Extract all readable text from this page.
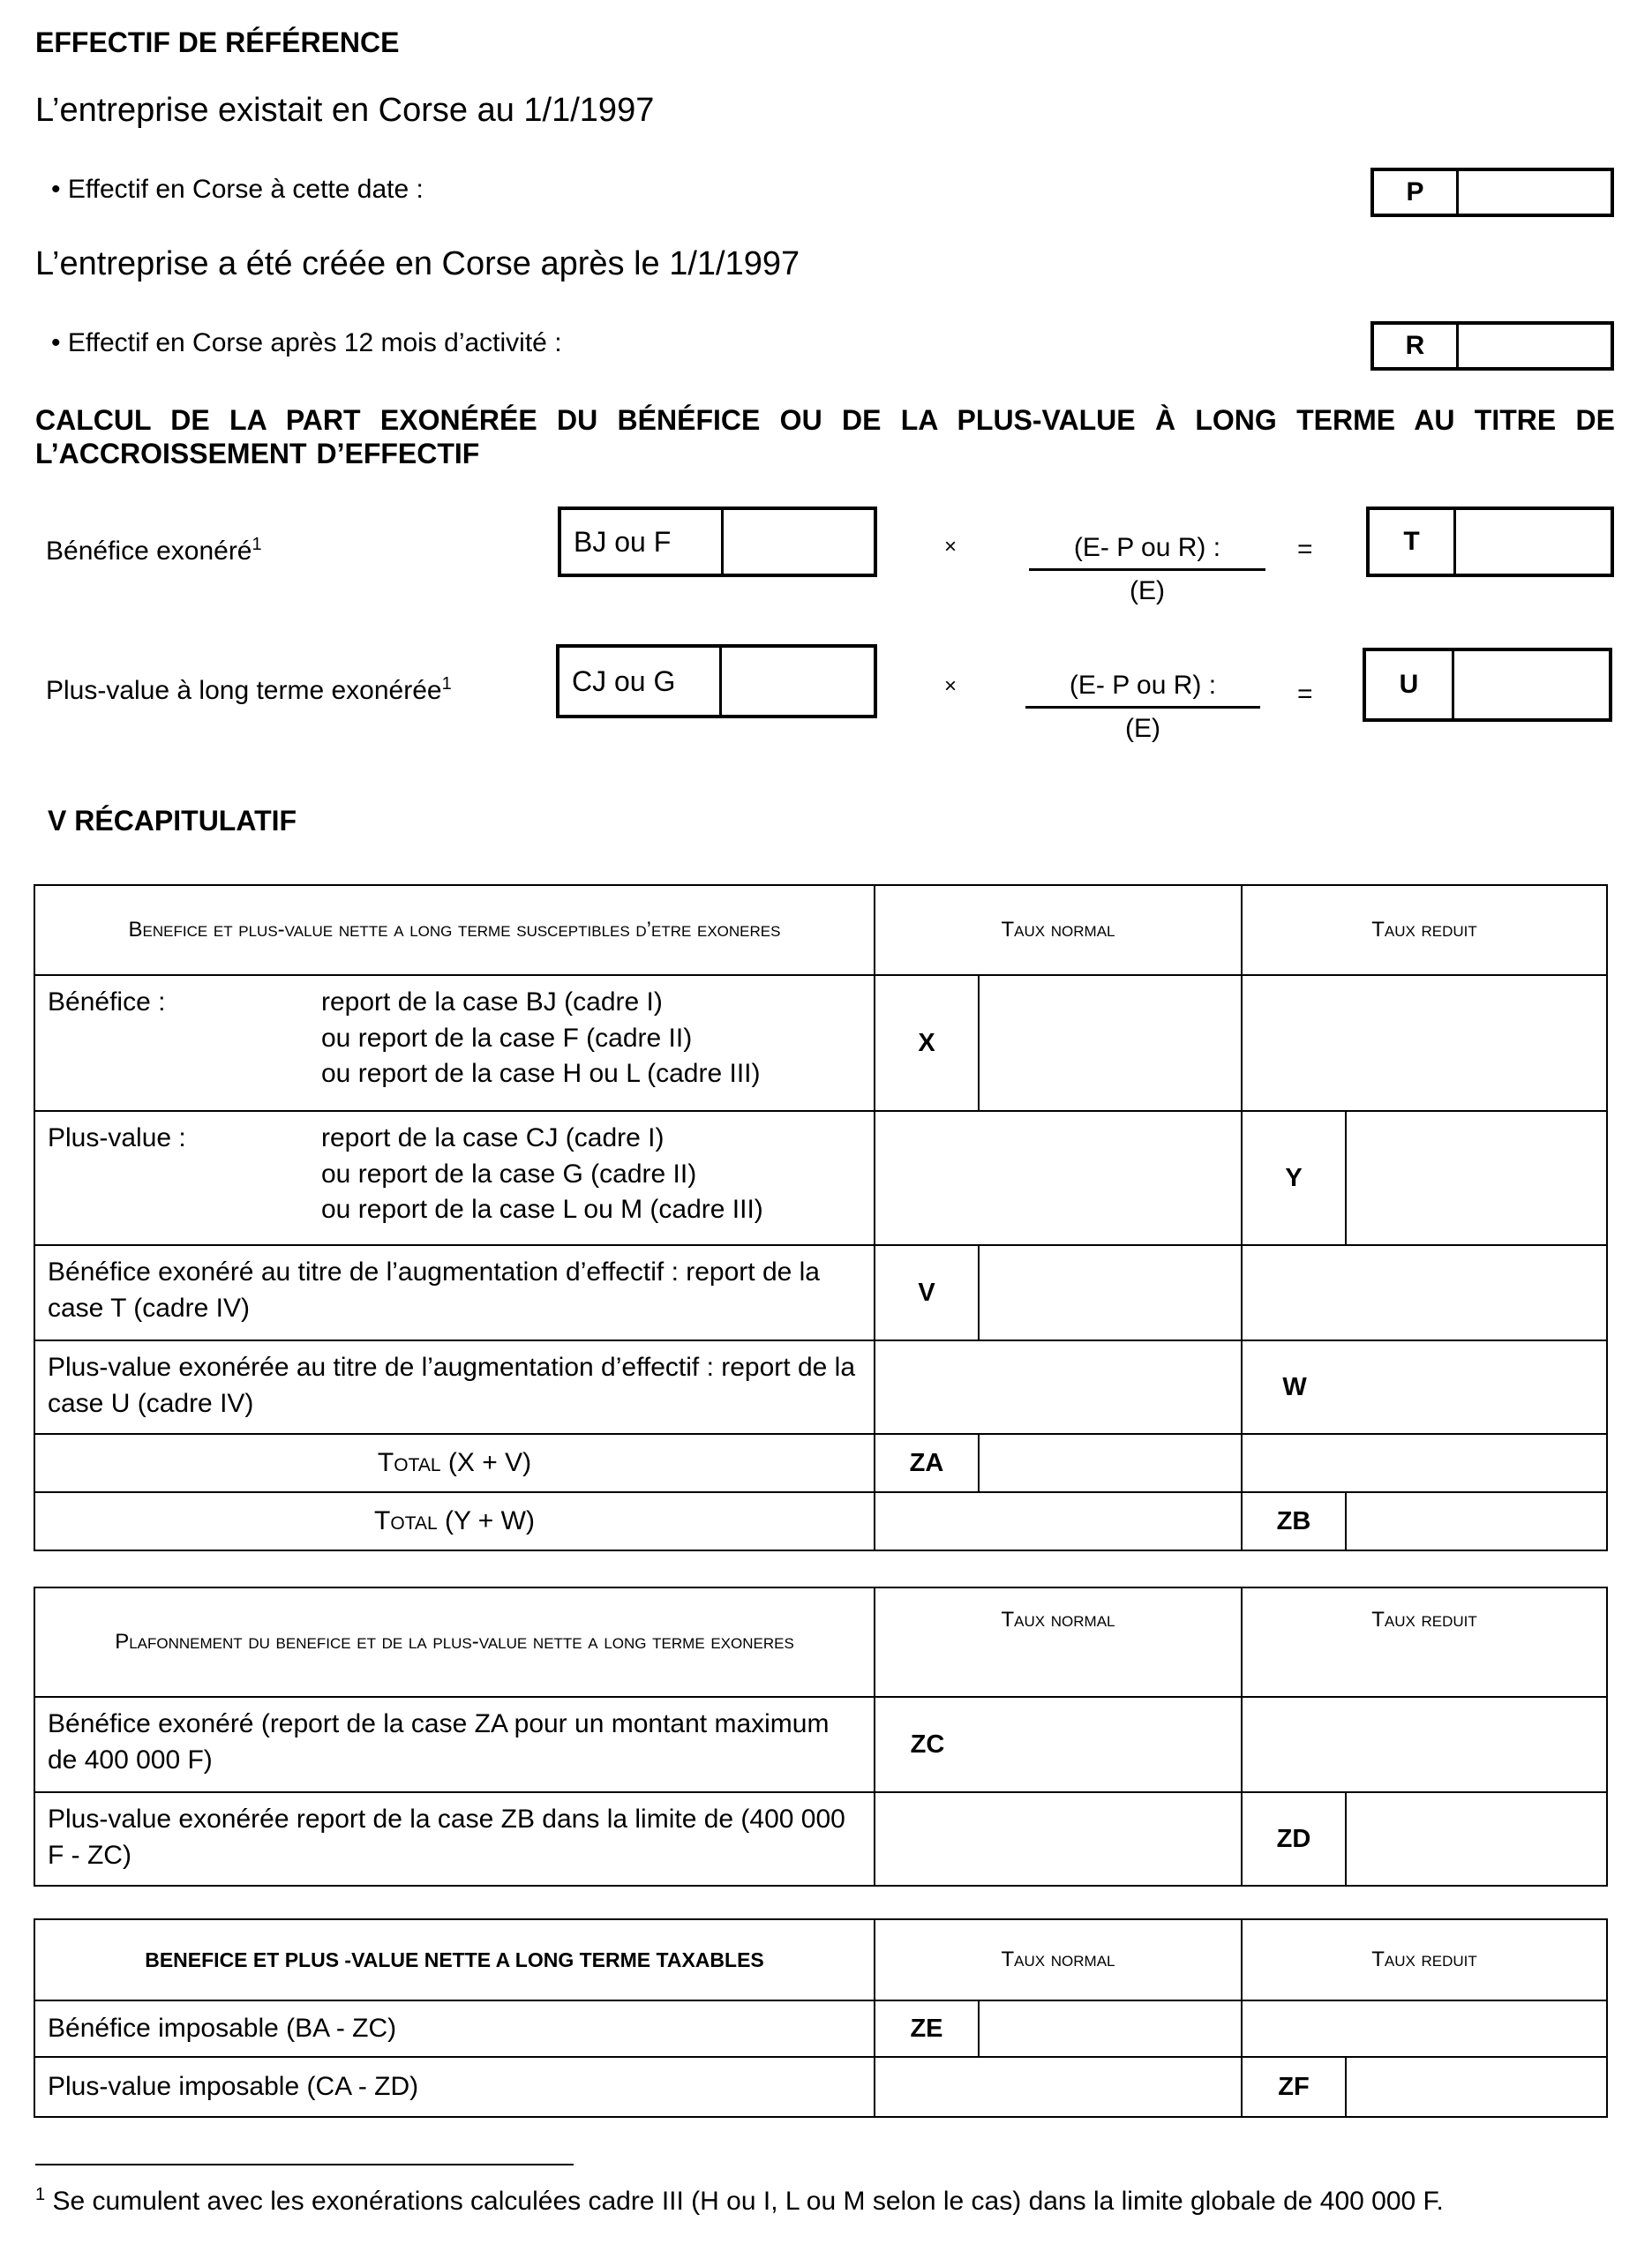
EFFECTIF DE RÉFÉRENCE
L’entreprise existait en Corse au 1/1/1997
• Effectif en Corse à cette date :	P
L’entreprise a été créée en Corse après le 1/1/1997
• Effectif en Corse après 12 mois d’activité :	R
CALCUL DE LA PART EXONÉRÉE DU BÉNÉFICE OU DE LA PLUS-VALUE À LONG TERME AU TITRE DE L’ACCROISSEMENT D’EFFECTIF
Bénéfice exonéré$^1$	BJ ou F	×	$\frac{\text{(E- P ou R) :}}{(E)}$ =	T
Plus-value à long terme exonérée$^1$	CJ ou G	×	$\frac{\text{(E- P ou R) :}}{(E)}$ =	U
V RÉCAPITULATIF
Benefice et plus-value nette a long terme susceptibles d’etre exoneres	Taux normal	Taux reduit

Bénéfice : report de la case BJ (cadre I)
ou report de la case F (cadre II)
ou report de la case H ou L (cadre III)	X	

Plus-value : report de la case CJ (cadre I)
ou report de la case G (cadre II)
ou report de la case L ou M (cadre III)		Y

Bénéfice exonéré au titre de l’augmentation d’effectif : report de la case T (cadre IV)	V	

Plus-value exonérée au titre de l’augmentation d’effectif : report de la case U (cadre IV)		W

Total (X + V)	ZA	

Total (Y + W)		ZB
Plafonnement du benefice et de la plus-value nette a long terme exoneres	Taux normal	Taux reduit

Bénéfice exonéré (report de la case ZA pour un montant maximum de 400 000 F)	ZC	

Plus-value exonérée report de la case ZB dans la limite de (400 000 F - ZC)		ZD
BENEFICE ET PLUS -VALUE NETTE A LONG TERME TAXABLES	Taux normal	Taux reduit

Bénéfice imposable (BA - ZC)	ZE	

Plus-value imposable (CA - ZD)		ZF
$^1$ Se cumulent avec les exonérations calculées cadre III (H ou I, L ou M selon le cas) dans la limite globale de 400 000 F.
